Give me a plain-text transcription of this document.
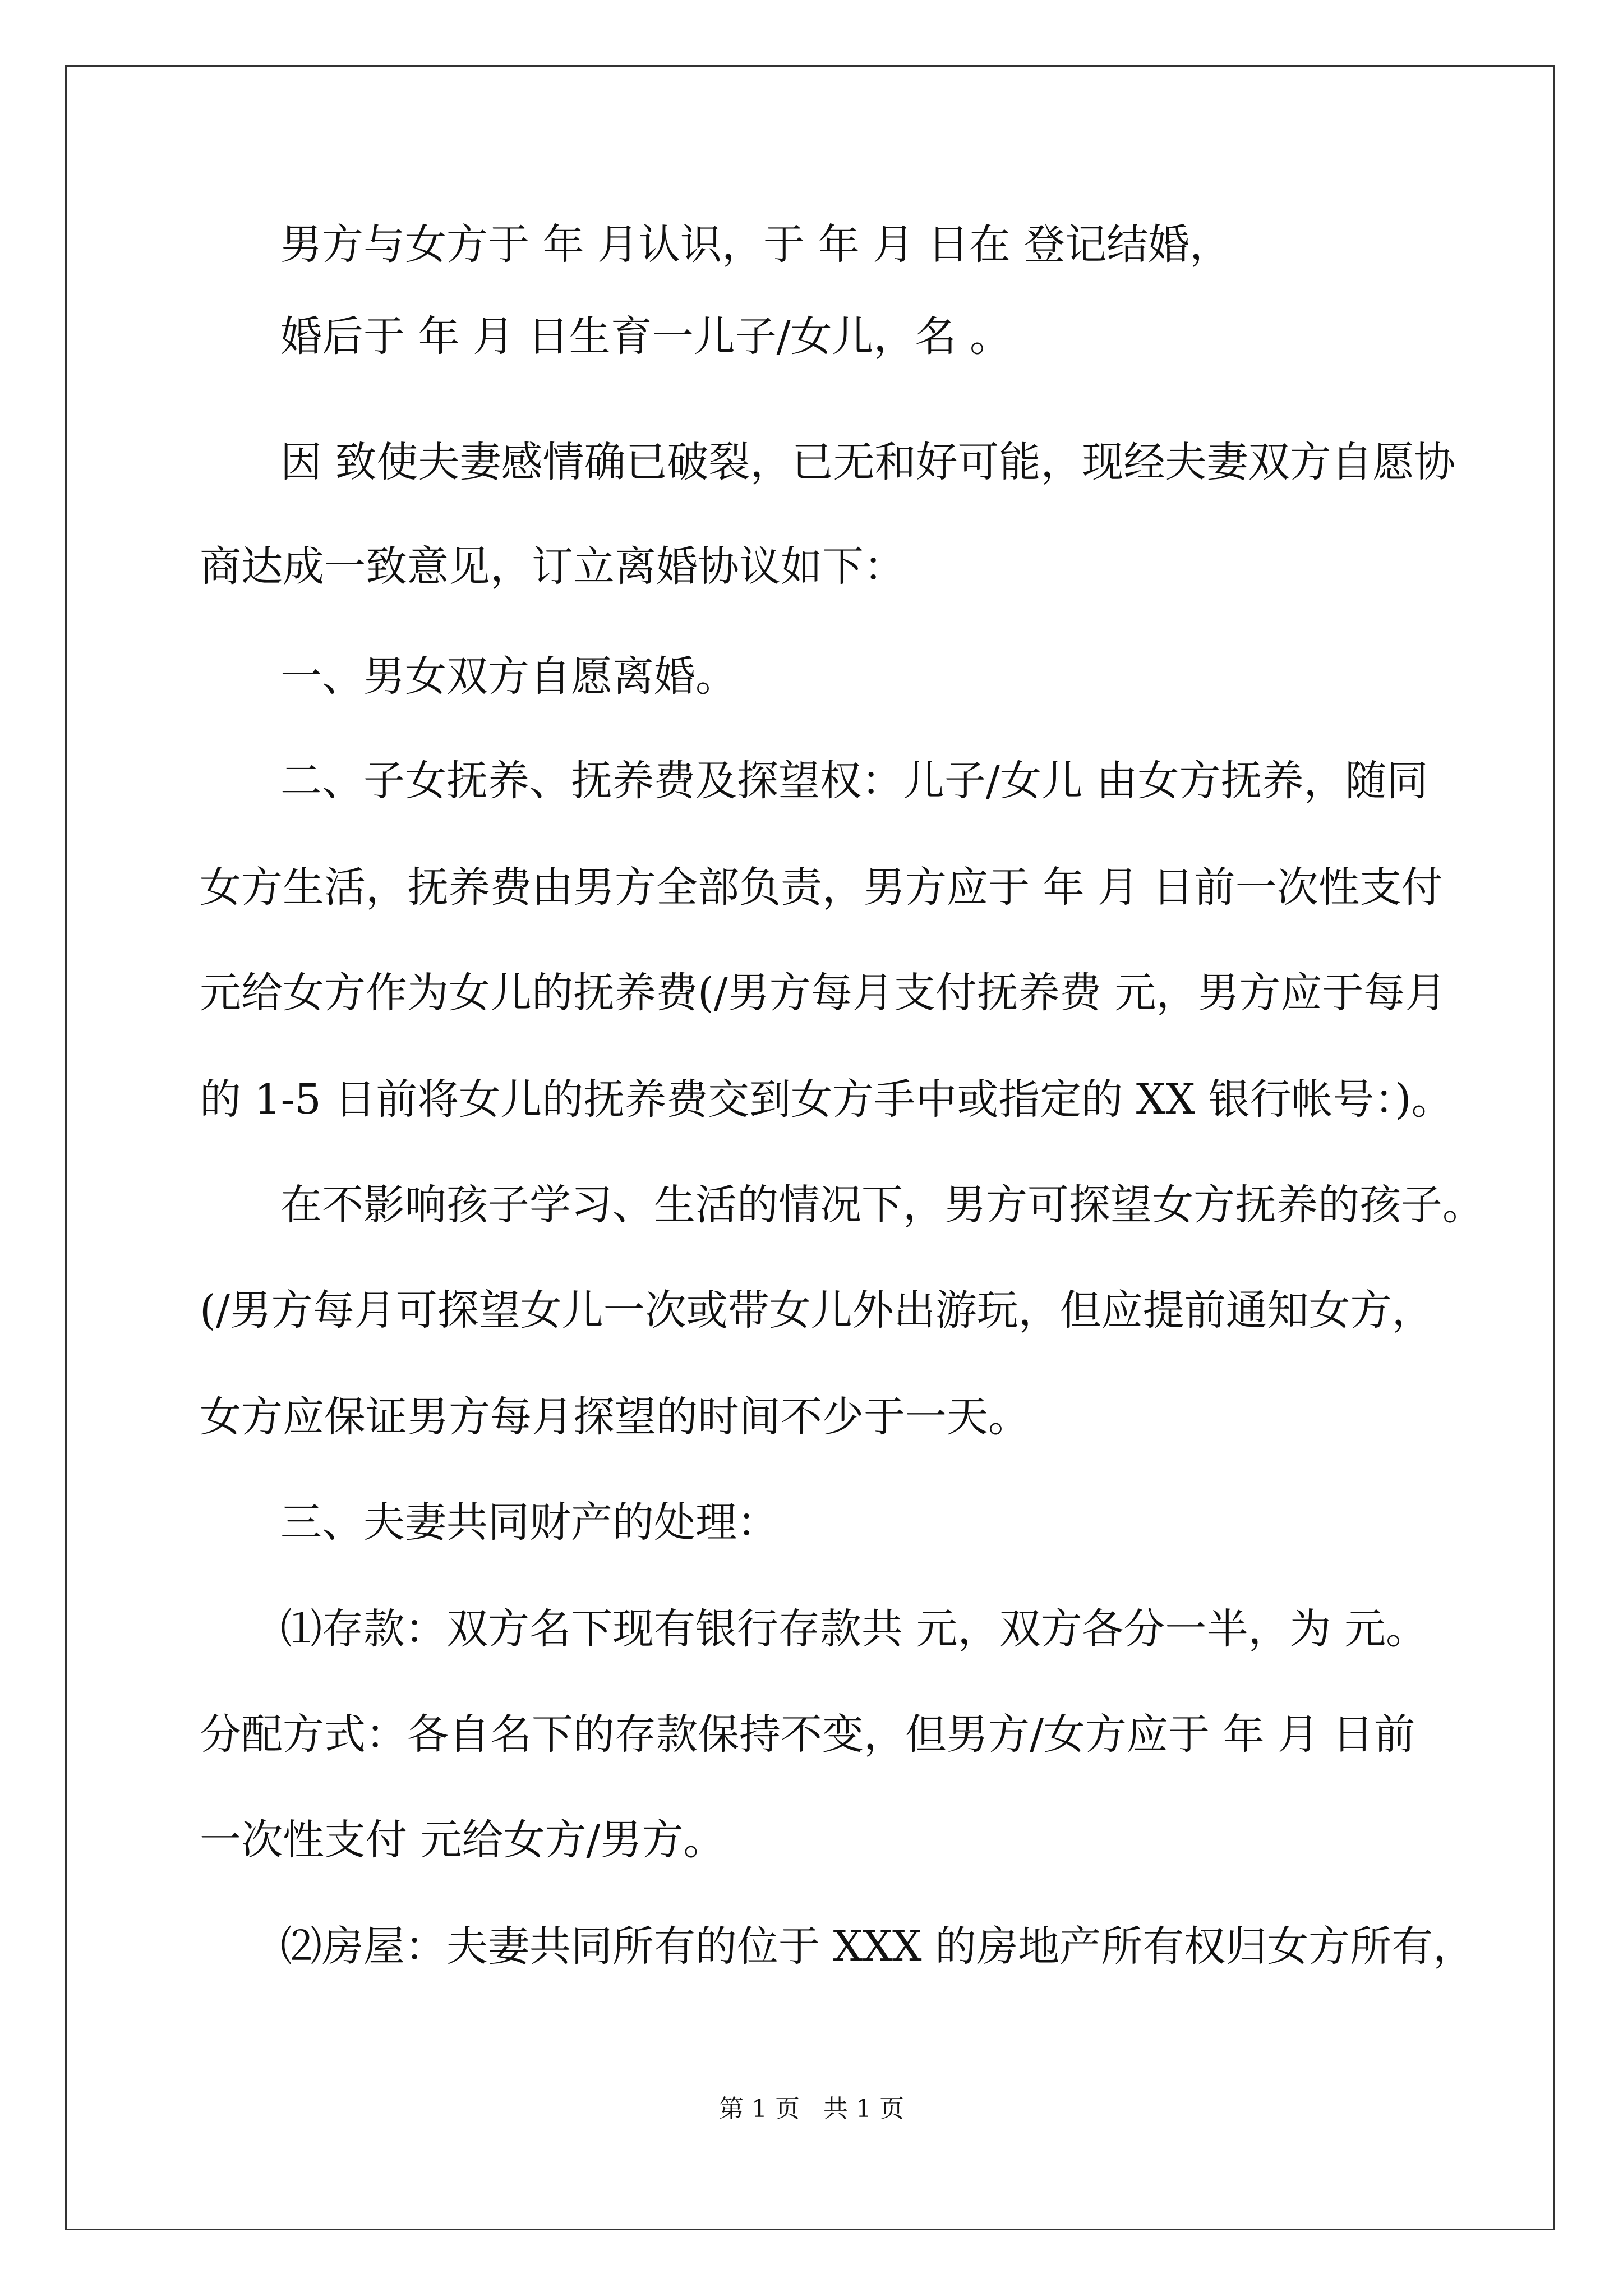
男方与女方于 年 月认识，于 年 月 日在 登记结婚，

婚后于 年 月 日生育一儿子/女儿，名 。

因 致使夫妻感情确已破裂，已无和好可能，现经夫妻双方自愿协

商达成一致意见，订立离婚协议如下：

一、男女双方自愿离婚。

二、子女抚养、抚养费及探望权：儿子/女儿 由女方抚养，随同

女方生活，抚养费由男方全部负责，男方应于 年 月 日前一次性支付

元给女方作为女儿的抚养费(/男方每月支付抚养费 元，男方应于每月

的 1-5 日前将女儿的抚养费交到女方手中或指定的 XX 银行帐号：)。

在不影响孩子学习、生活的情况下，男方可探望女方抚养的孩子。

(/男方每月可探望女儿一次或带女儿外出游玩，但应提前通知女方，

女方应保证男方每月探望的时间不少于一天。

三、夫妻共同财产的处理：

⑴存款：双方名下现有银行存款共 元，双方各分一半，为 元。

分配方式：各自名下的存款保持不变，但男方/女方应于 年 月 日前

一次性支付 元给女方/男方。

⑵房屋：夫妻共同所有的位于 XXX 的房地产所有权归女方所有，

第 1 页   共 1 页
